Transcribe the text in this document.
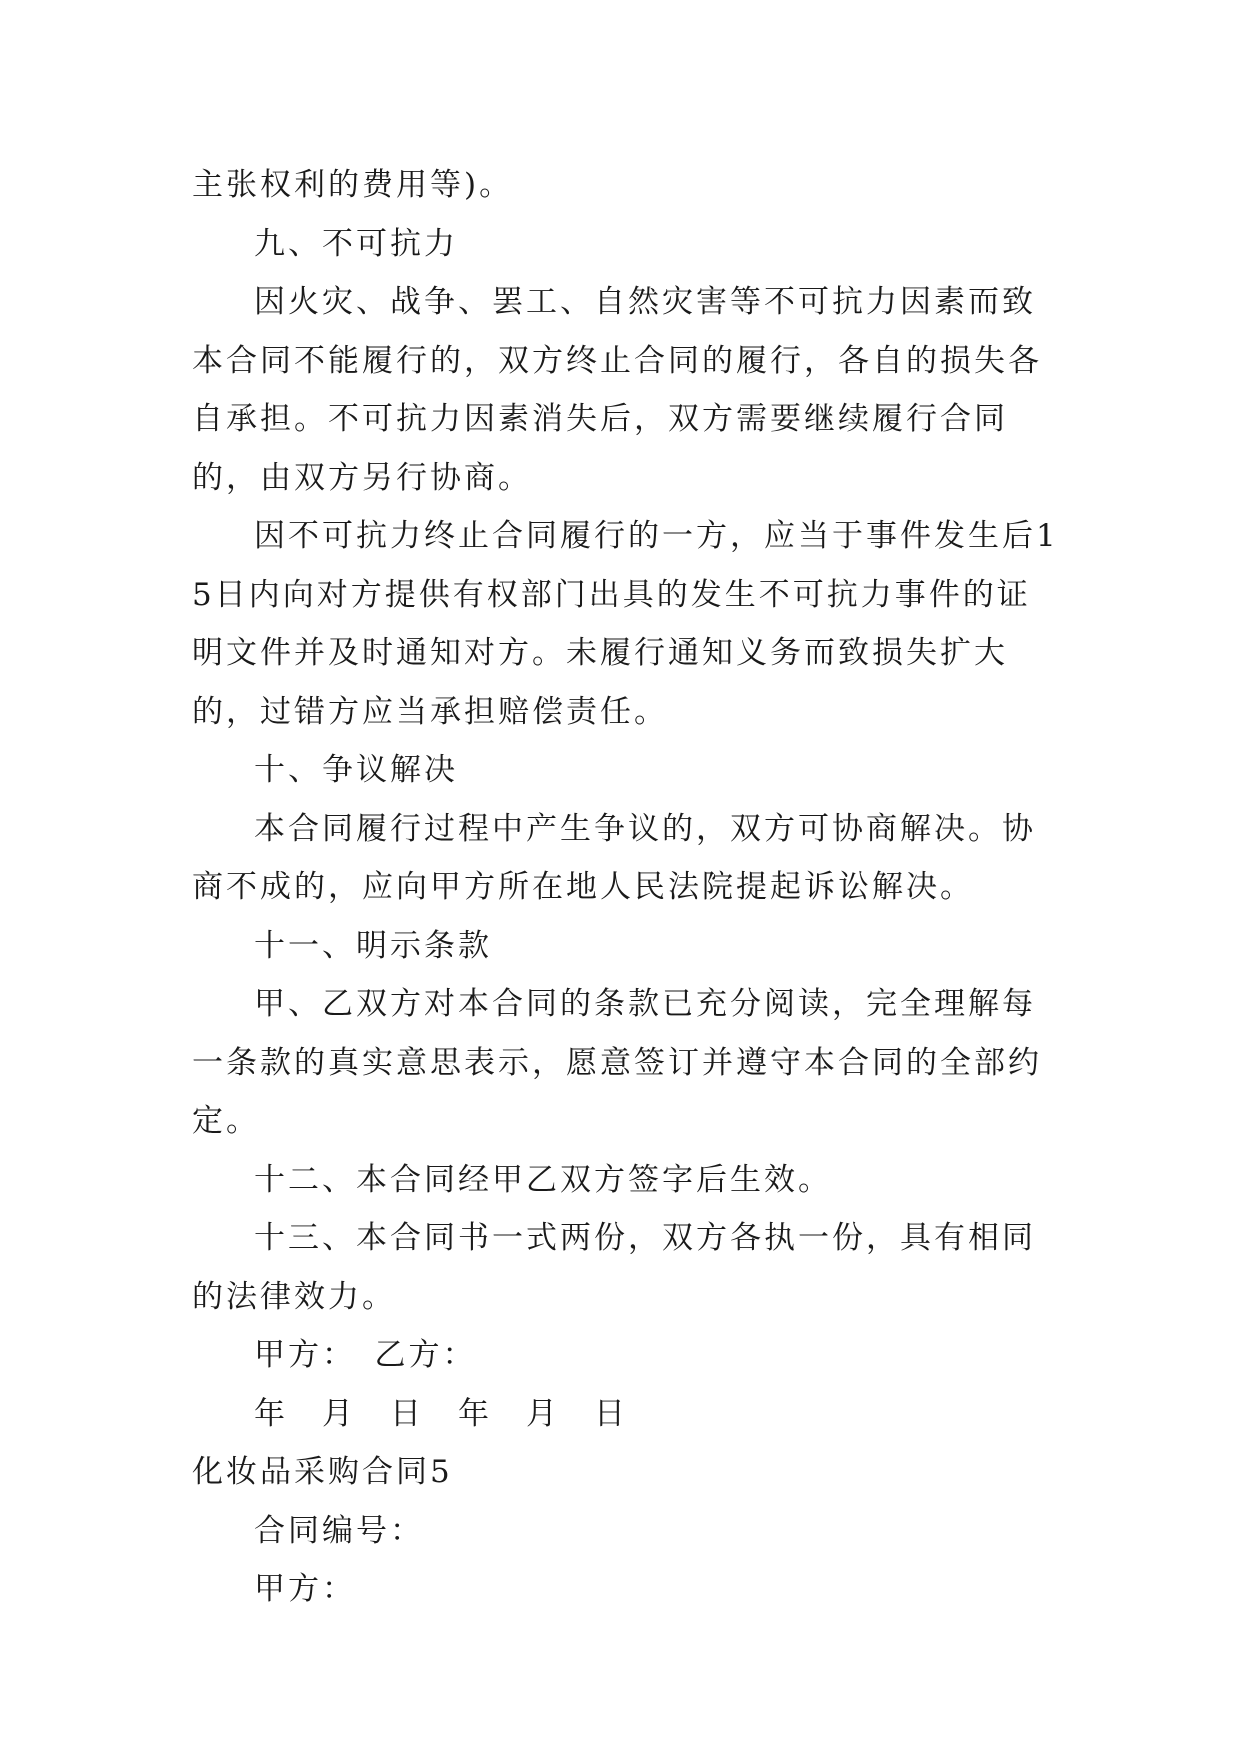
主张权利的费用等)。

九、不可抗力

因火灾、战争、罢工、自然灾害等不可抗力因素而致本合同不能履行的，双方终止合同的履行，各自的损失各自承担。不可抗力因素消失后，双方需要继续履行合同的，由双方另行协商。

因不可抗力终止合同履行的一方，应当于事件发生后15日内向对方提供有权部门出具的发生不可抗力事件的证明文件并及时通知对方。未履行通知义务而致损失扩大的，过错方应当承担赔偿责任。

十、争议解决

本合同履行过程中产生争议的，双方可协商解决。协商不成的，应向甲方所在地人民法院提起诉讼解决。

十一、明示条款

甲、乙双方对本合同的条款已充分阅读，完全理解每一条款的真实意思表示，愿意签订并遵守本合同的全部约定。

十二、本合同经甲乙双方签字后生效。

十三、本合同书一式两份，双方各执一份，具有相同的法律效力。

甲方：　乙方：

年　月　日　年　月　日

化妆品采购合同5

合同编号：

甲方：
